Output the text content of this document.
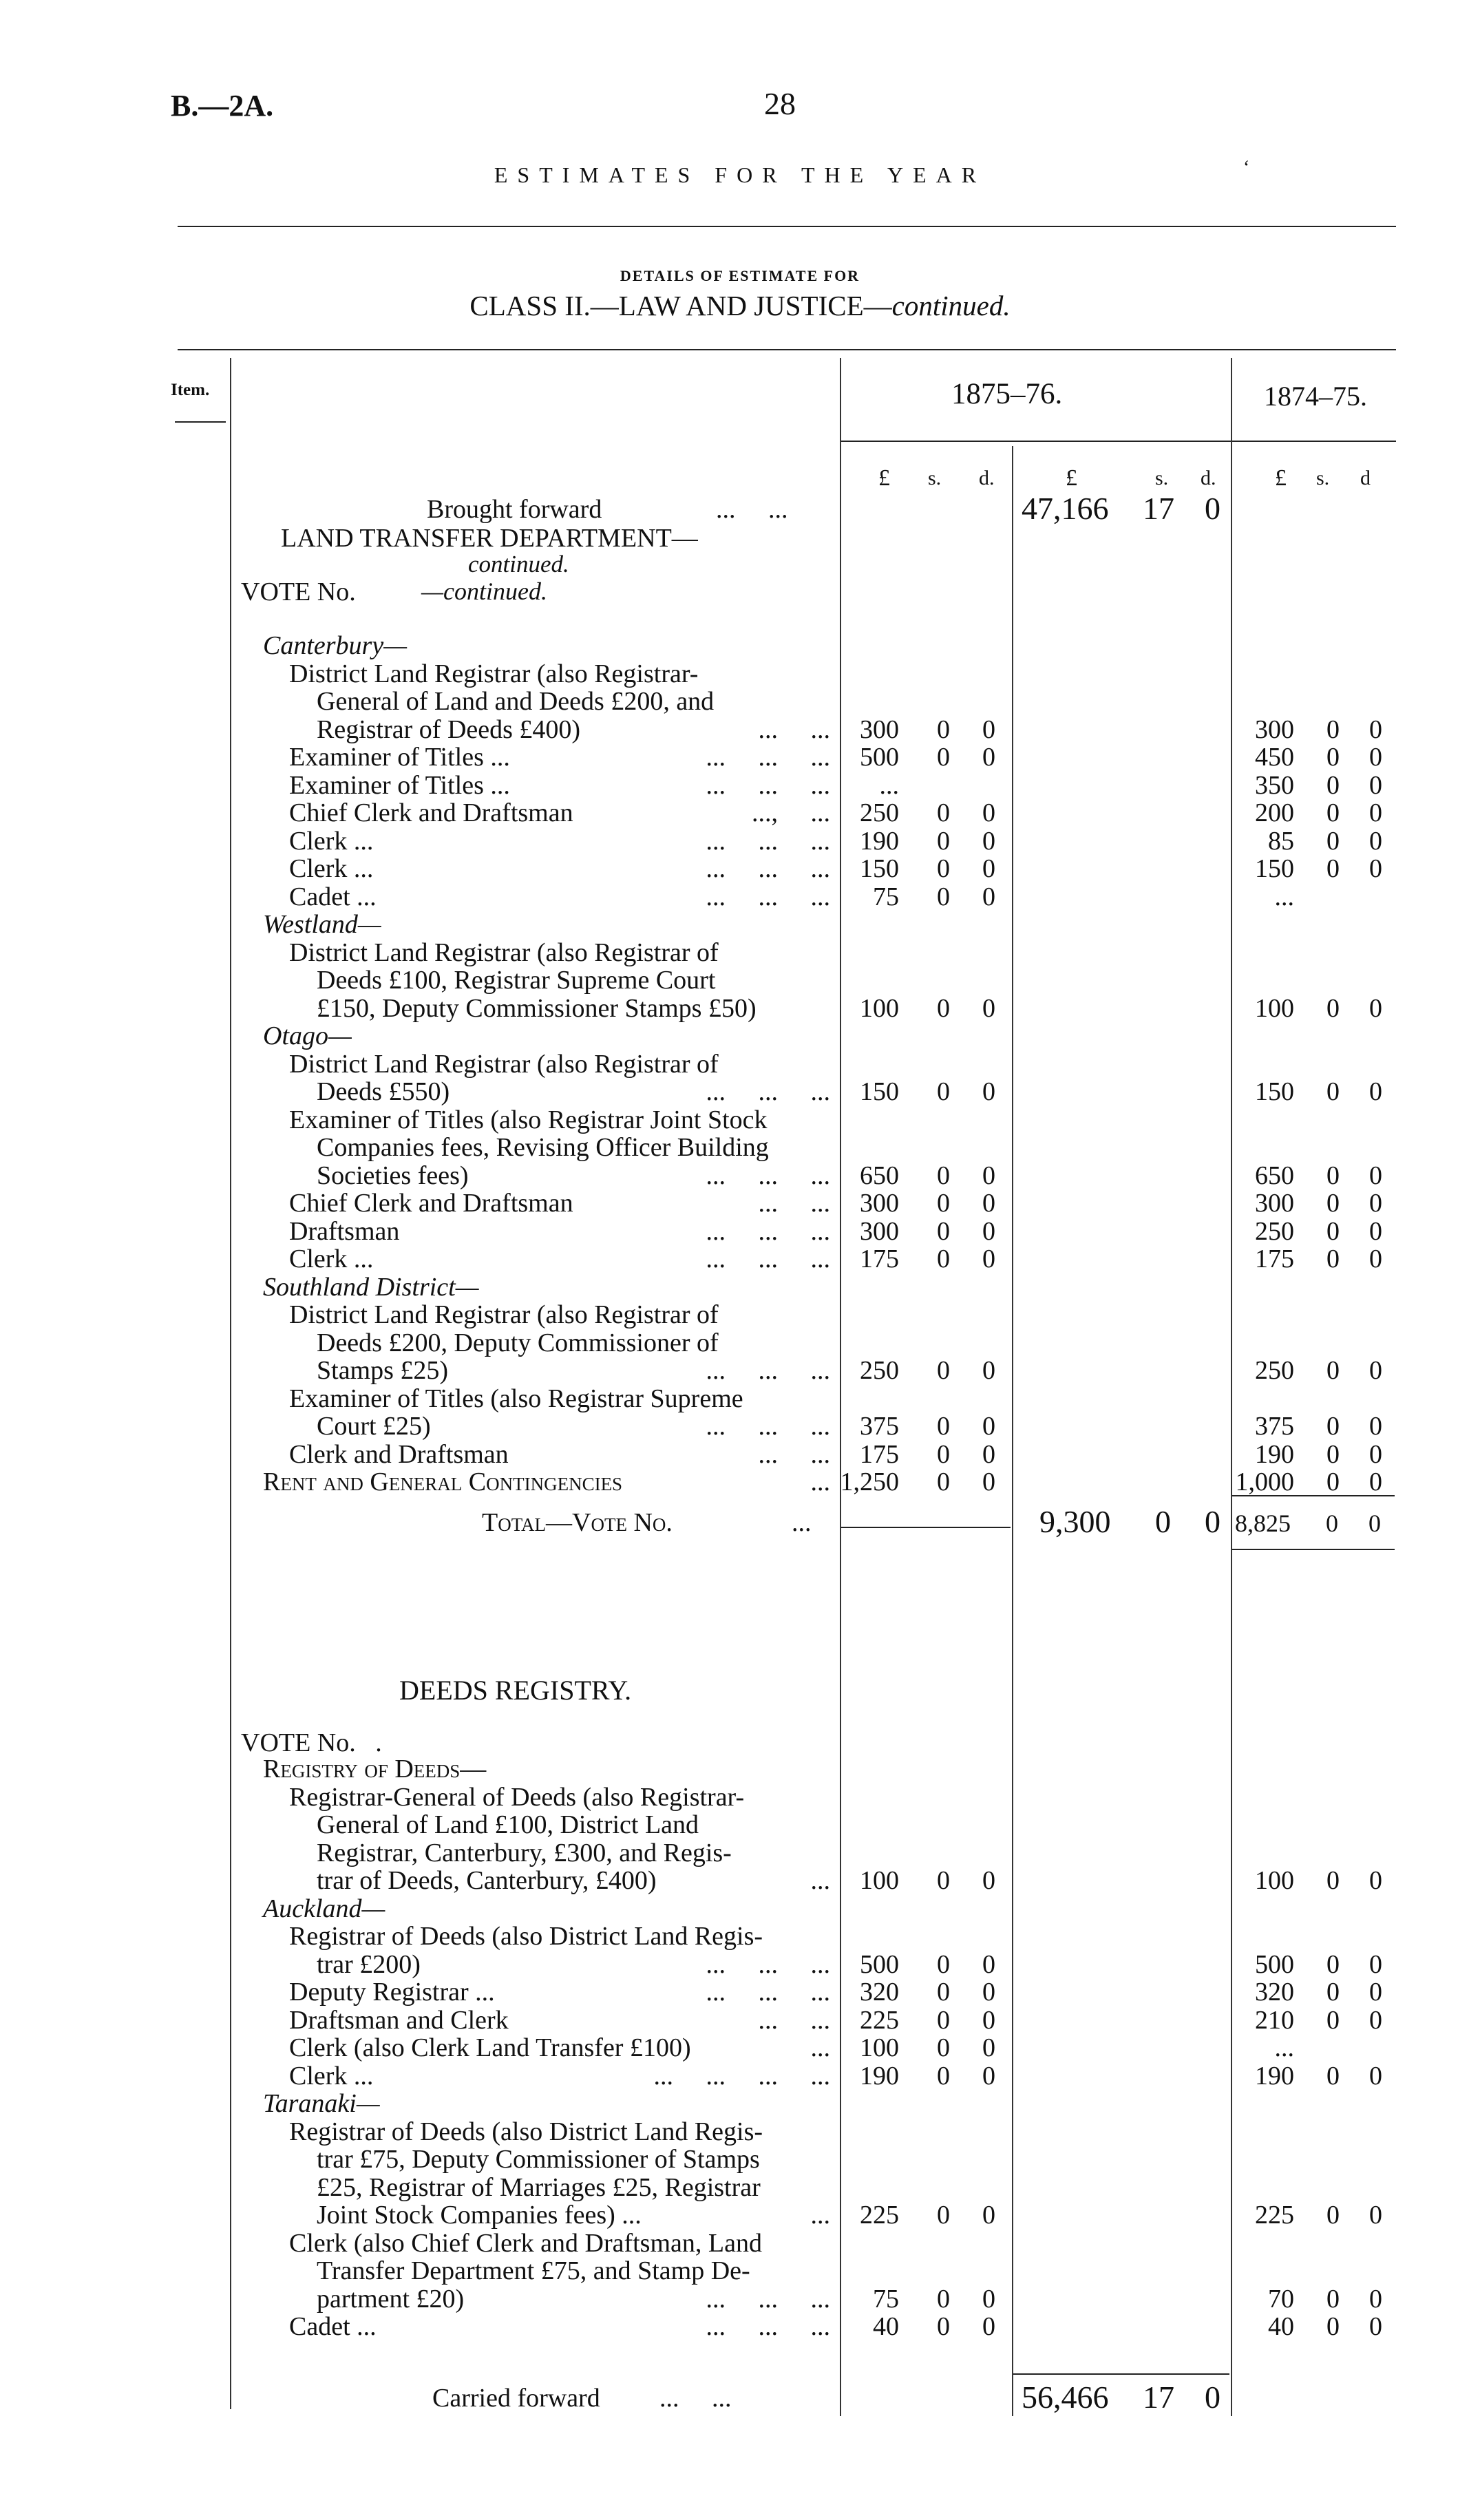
B.—2A.	28
ESTIMATES FOR THE YEAR	‘
DETAILS OF ESTIMATE FOR
CLASS II.—LAW AND JUSTICE—continued.
Item.	1875–76.	1874–75.
£ s. d.	£	s. d.	£ s. d
Brought forward	...     ...	47,166 17 0
LAND TRANSFER DEPARTMENT—
continued.
VOTE No.	—continued.
Canterbury—
District Land Registrar (also Registrar-
General of Land and Deeds £200, and
Registrar of Deeds £400)	...     ... 300 0 0	300 0 0
Examiner of Titles ...	...     ...     ... 500 0 0	450 0 0
Examiner of Titles ...	...     ...     ... ...	350 0 0
Chief Clerk and Draftsman	...,     ... 250 0 0	200 0 0
Clerk ...	...     ...     ... 190 0 0	85 0 0
Clerk ...	...     ...     ... 150 0 0	150 0 0
Cadet ...	...     ...     ... 75 0 0	...
Westland—
District Land Registrar (also Registrar of
Deeds £100, Registrar Supreme Court
£150, Deputy Commissioner Stamps £50)	100 0 0	100 0 0
Otago—
District Land Registrar (also Registrar of
Deeds £550)	...     ...     ... 150 0 0	150 0 0
Examiner of Titles (also Registrar Joint Stock
Companies fees, Revising Officer Building
Societies fees)	...     ...     ... 650 0 0	650 0 0
Chief Clerk and Draftsman	...     ... 300 0 0	300 0 0
Draftsman	...     ...     ... 300 0 0	250 0 0
Clerk ...	...     ...     ... 175 0 0	175 0 0
Southland District—
District Land Registrar (also Registrar of
Deeds £200, Deputy Commissioner of
Stamps £25)	...     ...     ... 250 0 0	250 0 0
Examiner of Titles (also Registrar Supreme
Court £25)	...     ...     ... 375 0 0	375 0 0
Clerk and Draftsman	...     ... 175 0 0	190 0 0
Rent and General Contingencies	... 1,250 0 0	1,000 0 0
Total—Vote No.	...	9,300 0 0 8,825 0 0
DEEDS REGISTRY.
VOTE No.   .
Registry of Deeds—
Registrar-General of Deeds (also Registrar-
General of Land £100, District Land
Registrar, Canterbury, £300, and Regis-
trar of Deeds, Canterbury, £400)	... 100 0 0	100 0 0
Auckland—
Registrar of Deeds (also District Land Regis-
trar £200)	...     ...     ... 500 0 0	500 0 0
Deputy Registrar ...	...     ...     ... 320 0 0	320 0 0
Draftsman and Clerk	...     ... 225 0 0	210 0 0
Clerk (also Clerk Land Transfer £100)	... 100 0 0	...
Clerk ...	...     ...     ...     ... 190 0 0	190 0 0
Taranaki—
Registrar of Deeds (also District Land Regis-
trar £75, Deputy Commissioner of Stamps
£25, Registrar of Marriages £25, Registrar
Joint Stock Companies fees) ...	... 225 0 0	225 0 0
Clerk (also Chief Clerk and Draftsman, Land
Transfer Department £75, and Stamp De-
partment £20)	...     ...     ... 75 0 0	70 0 0
Cadet ...	...     ...     ... 40 0 0	40 0 0
Carried forward ...     ...	56,466 17 0
